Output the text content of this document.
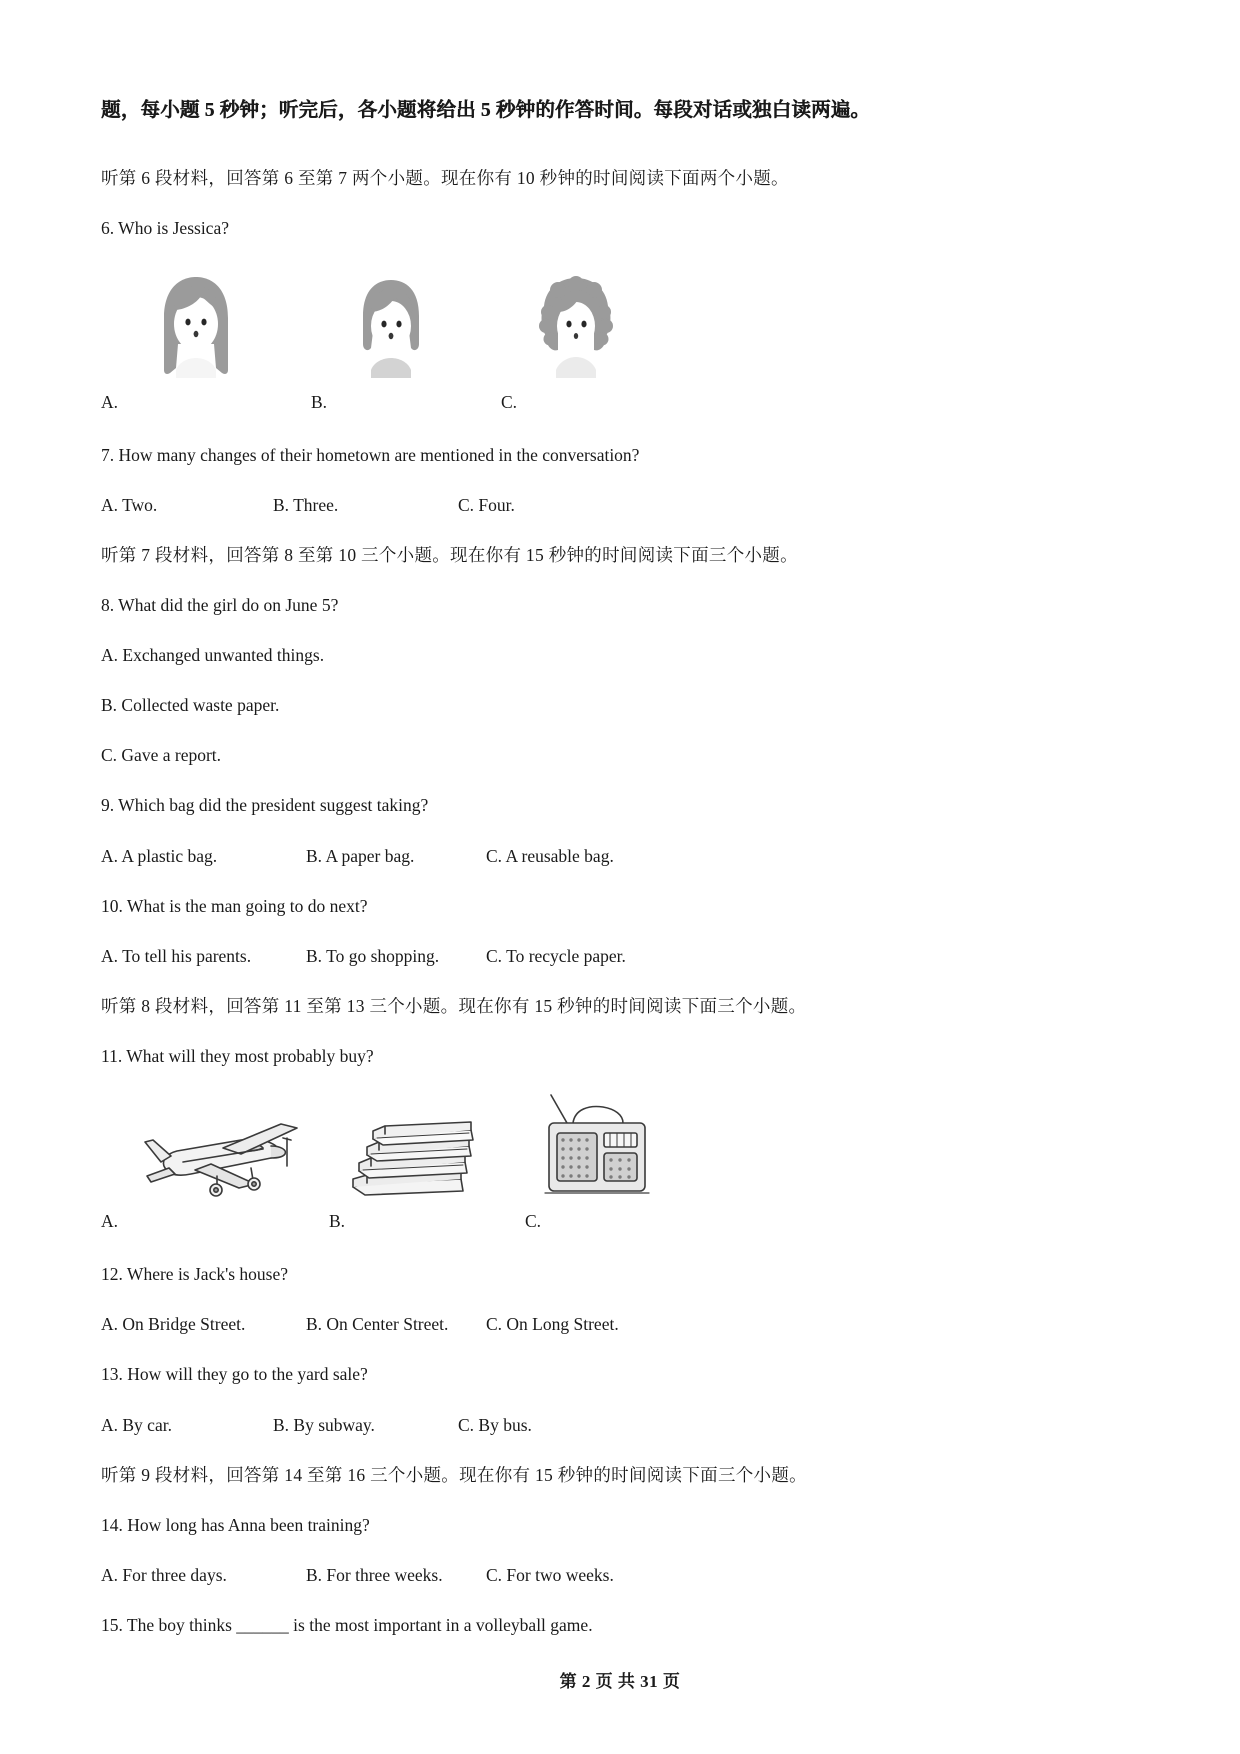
题，每小题 5 秒钟；听完后，各小题将给出 5 秒钟的作答时间。每段对话或独白读两遍。
听第 6 段材料，回答第 6 至第 7 两个小题。现在你有 10 秒钟的时间阅读下面两个小题。
6. Who is Jessica?
A.	B.	C.
7. How many changes of their hometown are mentioned in the conversation?
A. Two.	B. Three.	C. Four.
听第 7 段材料，回答第 8 至第 10 三个小题。现在你有 15 秒钟的时间阅读下面三个小题。
8. What did the girl do on June 5?
A. Exchanged unwanted things.
B. Collected waste paper.
C. Gave a report.
9. Which bag did the president suggest taking?
A. A plastic bag.	B. A paper bag.	C. A reusable bag.
10. What is the man going to do next?
A. To tell his parents.	B. To go shopping.	C. To recycle paper.
听第 8 段材料，回答第 11 至第 13 三个小题。现在你有 15 秒钟的时间阅读下面三个小题。
11. What will they most probably buy?
A.	B.	C.
12. Where is Jack's house?
A. On Bridge Street.	B. On Center Street.	C. On Long Street.
13. How will they go to the yard sale?
A. By car.	B. By subway.	C. By bus.
听第 9 段材料，回答第 14 至第 16 三个小题。现在你有 15 秒钟的时间阅读下面三个小题。
14. How long has Anna been training?
A. For three days.	B. For three weeks.	C. For two weeks.
15. The boy thinks ______ is the most important in a volleyball game.
第 2 页 共 31 页
